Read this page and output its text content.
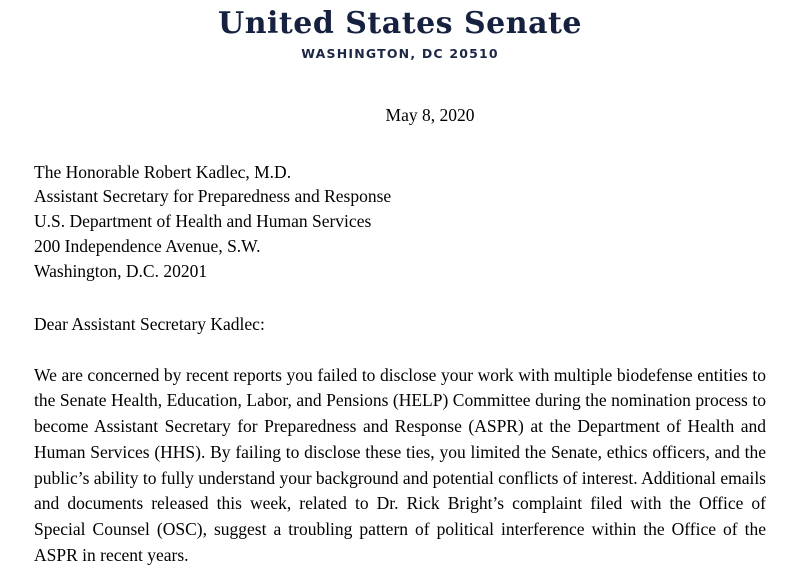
United States Senate
WASHINGTON, DC 20510
May 8, 2020
The Honorable Robert Kadlec, M.D.
Assistant Secretary for Preparedness and Response
U.S. Department of Health and Human Services
200 Independence Avenue, S.W.
Washington, D.C. 20201
Dear Assistant Secretary Kadlec:

We are concerned by recent reports you failed to disclose your work with multiple biodefense entities to the Senate Health, Education, Labor, and Pensions (HELP) Committee during the nomination process to become Assistant Secretary for Preparedness and Response (ASPR) at the Department of Health and Human Services (HHS). By failing to disclose these ties, you limited the Senate, ethics officers, and the public’s ability to fully understand your background and potential conflicts of interest. Additional emails and documents released this week, related to Dr. Rick Bright’s complaint filed with the Office of Special Counsel (OSC), suggest a troubling pattern of political interference within the Office of the ASPR in recent years.
